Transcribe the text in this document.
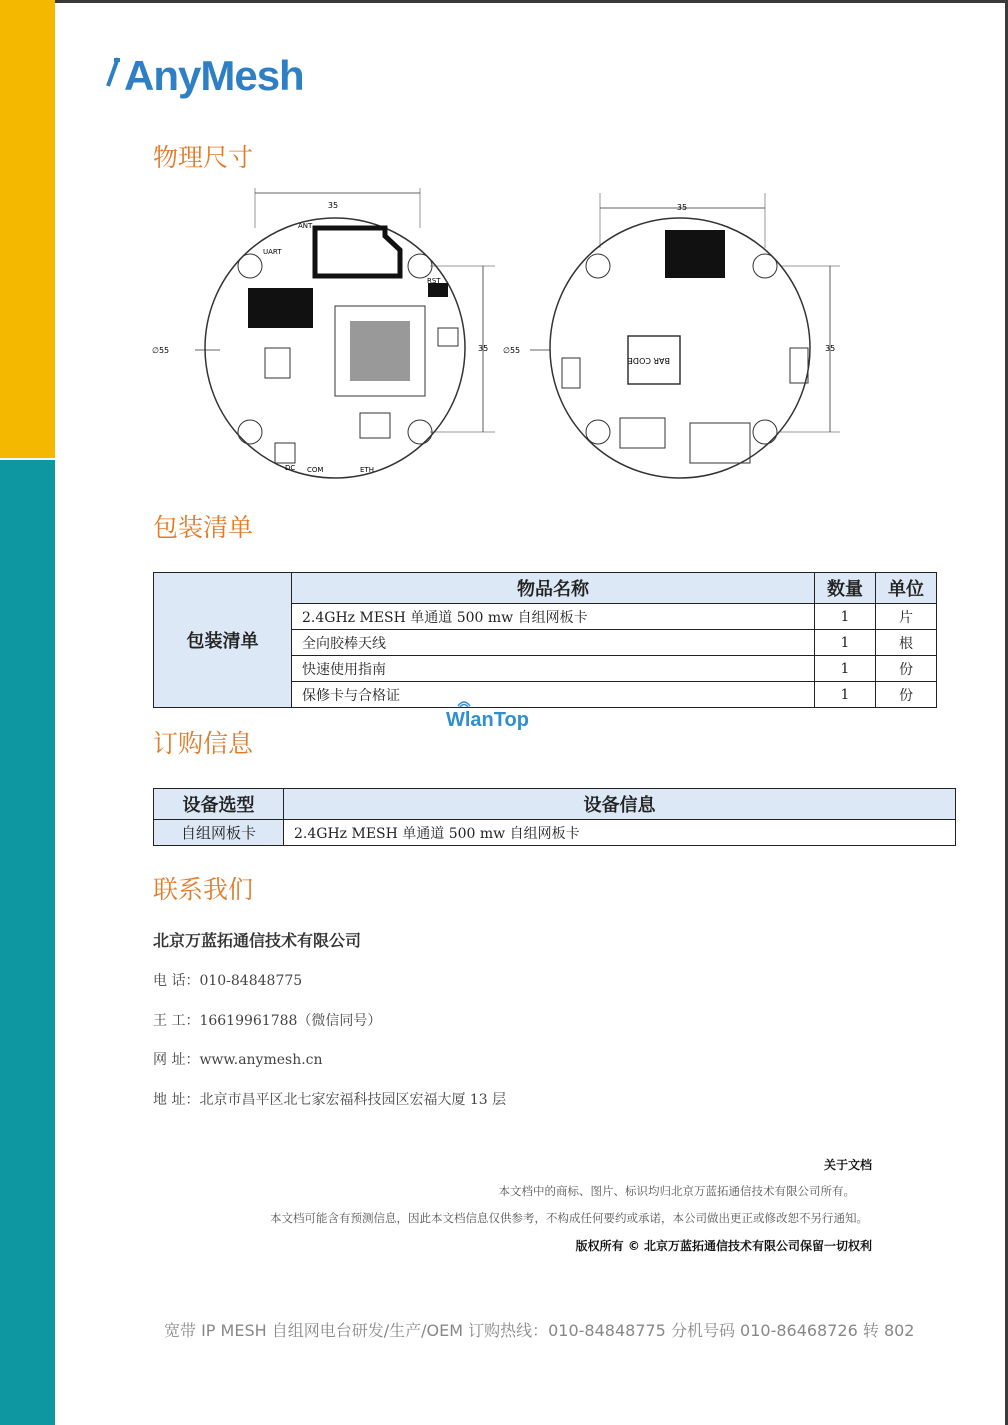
AnyMesh
物理尺寸
35
35
∅55
ANT
UART
RST
DC COM	ETH
35
35
∅55
BAR CODE
包装清单
包装清单	物品名称	数量	单位
	2.4GHz MESH 单通道 500 mw 自组网板卡	1	片
	全向胶棒天线	1	根
	快速使用指南	1	份
	保修卡与合格证	1	份
WlanTop
订购信息
设备选型	设备信息
自组网板卡	2.4GHz MESH 单通道 500 mw 自组网板卡
联系我们
北京万蓝拓通信技术有限公司
电 话：010-84848775
王 工：16619961788（微信同号）
网 址：www.anymesh.cn
地 址：北京市昌平区北七家宏福科技园区宏福大厦 13 层
关于文档
本文档中的商标、图片、标识均归北京万蓝拓通信技术有限公司所有。
本文档可能含有预测信息，因此本文档信息仅供参考，不构成任何要约或承诺，本公司做出更正或修改恕不另行通知。
版权所有 © 北京万蓝拓通信技术有限公司保留一切权利
宽带 IP MESH 自组网电台研发/生产/OEM 订购热线：010-84848775 分机号码 010-86468726 转 802
